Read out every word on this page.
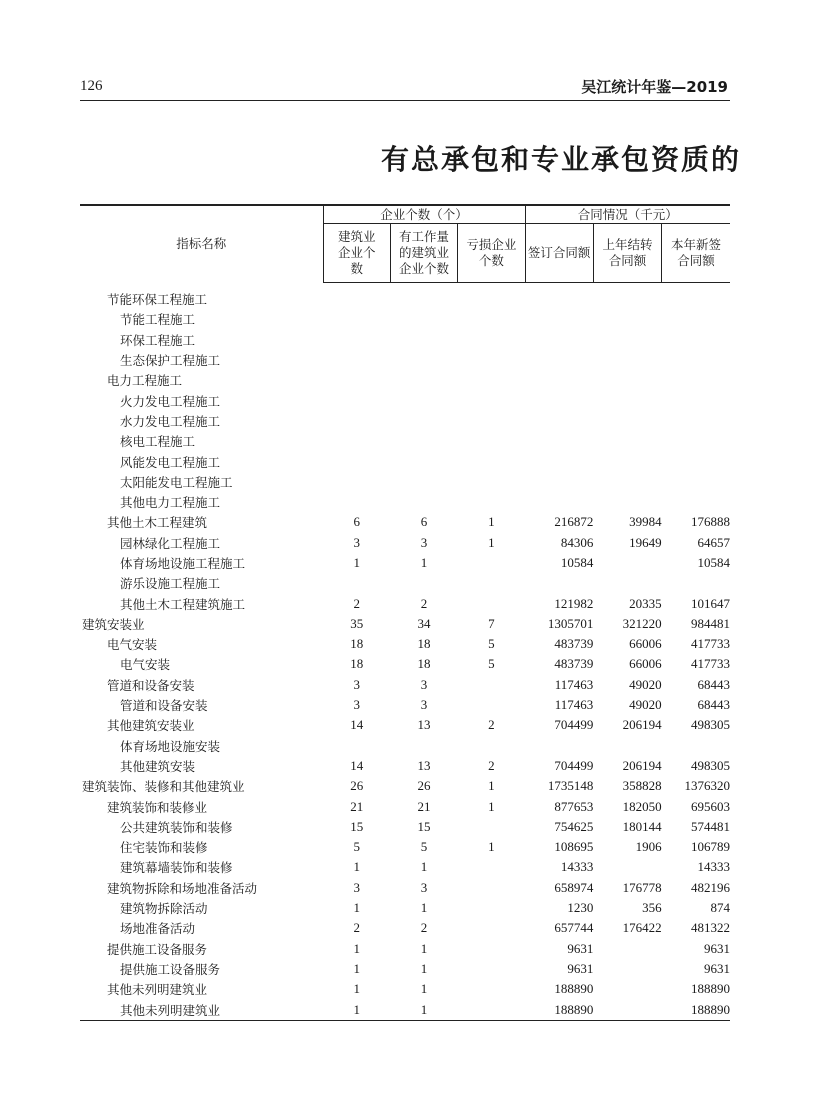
126	吴江统计年鉴—2019
有总承包和专业承包资质的
指标名称	企业个数（个）			合同情况（千元）		

	建筑业企业个数	有工作量的建筑业企业个数	亏损企业个数	签订合同额	上年结转合同额	本年新签合同额

节能环保工程施工						
节能工程施工						
环保工程施工						
生态保护工程施工						
电力工程施工						
火力发电工程施工						
水力发电工程施工						
核电工程施工						
风能发电工程施工						
太阳能发电工程施工						
其他电力工程施工						
其他土木工程建筑	6	6	1	216872	39984	176888
园林绿化工程施工	3	3	1	84306	19649	64657
体育场地设施工程施工	1	1		10584		10584
游乐设施工程施工						
其他土木工程建筑施工	2	2		121982	20335	101647
建筑安装业	35	34	7	1305701	321220	984481
电气安装	18	18	5	483739	66006	417733
电气安装	18	18	5	483739	66006	417733
管道和设备安装	3	3		117463	49020	68443
管道和设备安装	3	3		117463	49020	68443
其他建筑安装业	14	13	2	704499	206194	498305
体育场地设施安装						
其他建筑安装	14	13	2	704499	206194	498305
建筑装饰、装修和其他建筑业	26	26	1	1735148	358828	1376320
建筑装饰和装修业	21	21	1	877653	182050	695603
公共建筑装饰和装修	15	15		754625	180144	574481
住宅装饰和装修	5	5	1	108695	1906	106789
建筑幕墙装饰和装修	1	1		14333		14333
建筑物拆除和场地准备活动	3	3		658974	176778	482196
建筑物拆除活动	1	1		1230	356	874
场地准备活动	2	2		657744	176422	481322
提供施工设备服务	1	1		9631		9631
提供施工设备服务	1	1		9631		9631
其他未列明建筑业	1	1		188890		188890
其他未列明建筑业	1	1		188890		188890
